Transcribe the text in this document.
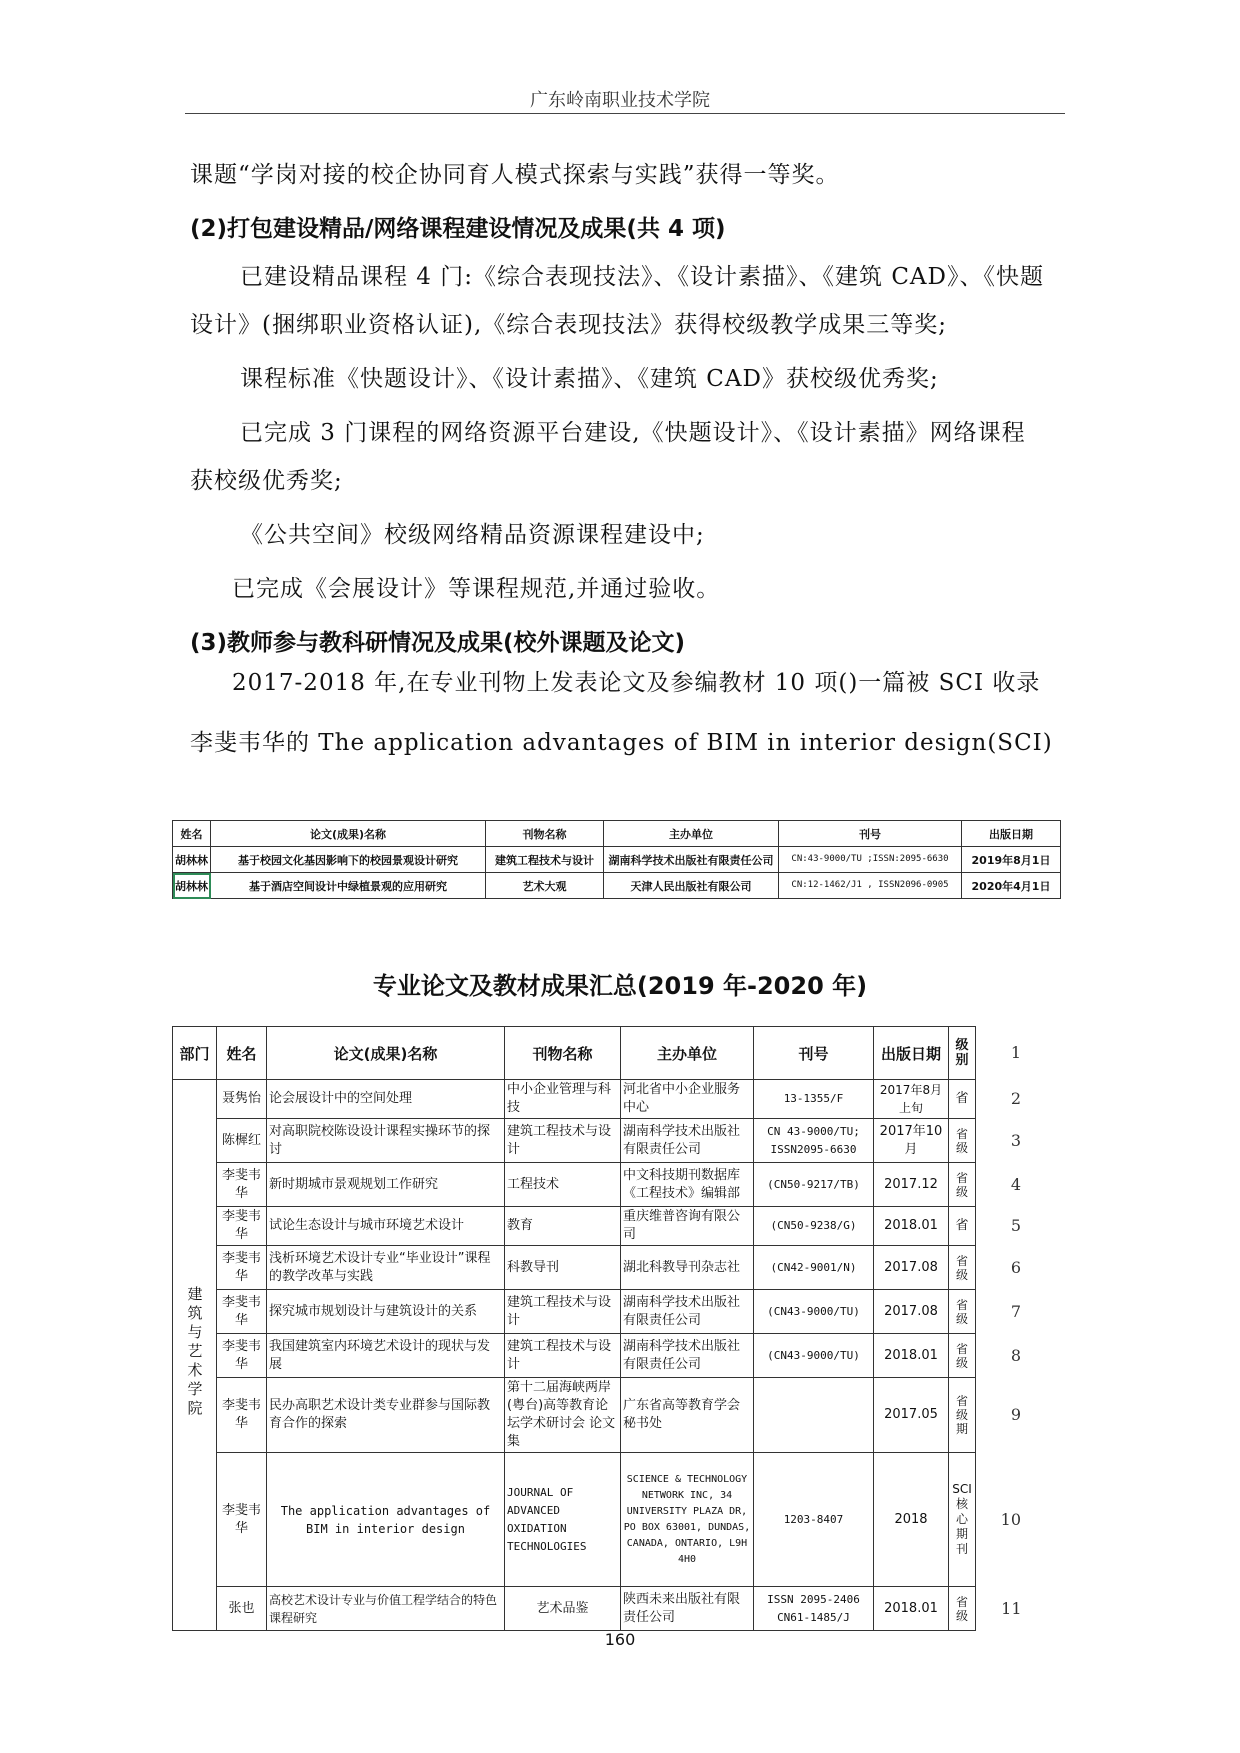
广东岭南职业技术学院
课题“学岗对接的校企协同育人模式探索与实践”获得一等奖。
(2)打包建设精品/网络课程建设情况及成果(共 4 项)
已建设精品课程 4 门:《综合表现技法》、《设计素描》、《建筑 CAD》、《快题
设计》(捆绑职业资格认证),《综合表现技法》获得校级教学成果三等奖;
课程标准《快题设计》、《设计素描》、《建筑 CAD》获校级优秀奖;
已完成 3 门课程的网络资源平台建设,《快题设计》、《设计素描》网络课程
获校级优秀奖;
《公共空间》校级网络精品资源课程建设中;
已完成《会展设计》等课程规范,并通过验收。
(3)教师参与教科研情况及成果(校外课题及论文)
2017-2018 年,在专业刊物上发表论文及参编教材 10 项()一篇被 SCI 收录
李斐韦华的 The application advantages of BIM in interior design(SCI)
姓名	论文(成果)名称	刊物名称	主办单位	刊号	出版日期
胡林林	基于校园文化基因影响下的校园景观设计研究	建筑工程技术与设计	湖南科学技术出版社有限责任公司	CN:43-9000/TU ;ISSN:2095-6630	2019年8月1日
胡林林	基于酒店空间设计中绿植景观的应用研究	艺术大观	天津人民出版社有限公司	CN:12-1462/J1 , ISSN2096-0905	2020年4月1日
专业论文及教材成果汇总(2019 年-2020 年)
部门	姓名	论文(成果)名称	刊物名称	主办单位	刊号	出版日期	级别	1
建筑与艺术学院	聂隽怡	论会展设计中的空间处理	中小企业管理与科技	河北省中小企业服务中心	13-1355/F	2017年8月上旬	省	2
	陈樨红	对高职院校陈设设计课程实操环节的探讨	建筑工程技术与设计	湖南科学技术出版社有限责任公司	CN 43-9000/TU; ISSN2095-6630	2017年10月	省级	3
	李斐韦华	新时期城市景观规划工作研究	工程技术	中文科技期刊数据库《工程技术》编辑部	(CN50-9217/TB)	2017.12	省级	4
	李斐韦华	试论生态设计与城市环境艺术设计	教育	重庆维普咨询有限公司	(CN50-9238/G)	2018.01	省	5
	李斐韦华	浅析环境艺术设计专业“毕业设计”课程的教学改革与实践	科教导刊	湖北科教导刊杂志社	(CN42-9001/N)	2017.08	省级	6
	李斐韦华	探究城市规划设计与建筑设计的关系	建筑工程技术与设计	湖南科学技术出版社有限责任公司	(CN43-9000/TU)	2017.08	省级	7
	李斐韦华	我国建筑室内环境艺术设计的现状与发展	建筑工程技术与设计	湖南科学技术出版社有限责任公司	(CN43-9000/TU)	2018.01	省级	8
	李斐韦华	民办高职艺术设计类专业群参与国际教育合作的探索	第十二届海峡两岸(粤台)高等教育论坛学术研讨会 论文集	广东省高等教育学会秘书处		2017.05	省级期	9
	李斐韦华	The application advantages of BIM in interior design	JOURNAL OF ADVANCED OXIDATION TECHNOLOGIES	SCIENCE & TECHNOLOGY NETWORK INC, 34 UNIVERSITY PLAZA DR, PO BOX 63001, DUNDAS, CANADA, ONTARIO, L9H 4H0	1203-8407	2018	SCI核心期刊	10
	张也	高校艺术设计专业与价值工程学结合的特色课程研究	艺术品鉴	陕西未来出版社有限责任公司	ISSN 2095-2406 CN61-1485/J	2018.01	省级	11
160
